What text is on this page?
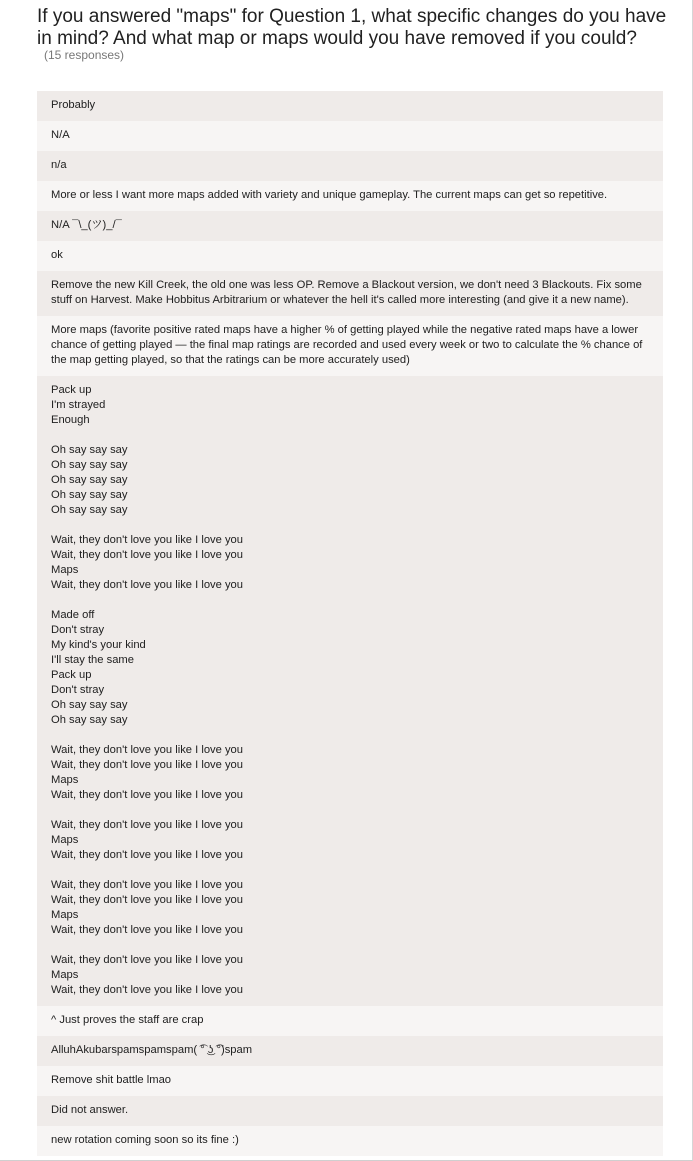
If you answered "maps" for Question 1, what specific changes do you have in mind? And what map or maps would you have removed if you could?
(15 responses)
Probably
N/A
n/a
More or less I want more maps added with variety and unique gameplay. The current maps can get so repetitive.
N/A ¯\_(ツ)_/¯
ok
Remove the new Kill Creek, the old one was less OP. Remove a Blackout version, we don't need 3 Blackouts. Fix some stuff on Harvest. Make Hobbitus Arbitrarium or whatever the hell it's called more interesting (and give it a new name).
More maps (favorite positive rated maps have a higher % of getting played while the negative rated maps have a lower chance of getting played — the final map ratings are recorded and used every week or two to calculate the % chance of the map getting played, so that the ratings can be more accurately used)
Pack up
I'm strayed
Enough

Oh say say say
Oh say say say
Oh say say say
Oh say say say
Oh say say say

Wait, they don't love you like I love you
Wait, they don't love you like I love you
Maps
Wait, they don't love you like I love you

Made off
Don't stray
My kind's your kind
I'll stay the same
Pack up
Don't stray
Oh say say say
Oh say say say

Wait, they don't love you like I love you
Wait, they don't love you like I love you
Maps
Wait, they don't love you like I love you

Wait, they don't love you like I love you
Maps
Wait, they don't love you like I love you

Wait, they don't love you like I love you
Wait, they don't love you like I love you
Maps
Wait, they don't love you like I love you

Wait, they don't love you like I love you
Maps
Wait, they don't love you like I love you
^ Just proves the staff are crap
AlluhAkubarspamspamspam( ͡° ͜ʖ ͡°)spam
Remove shit battle lmao
Did not answer.
new rotation coming soon so its fine :)
